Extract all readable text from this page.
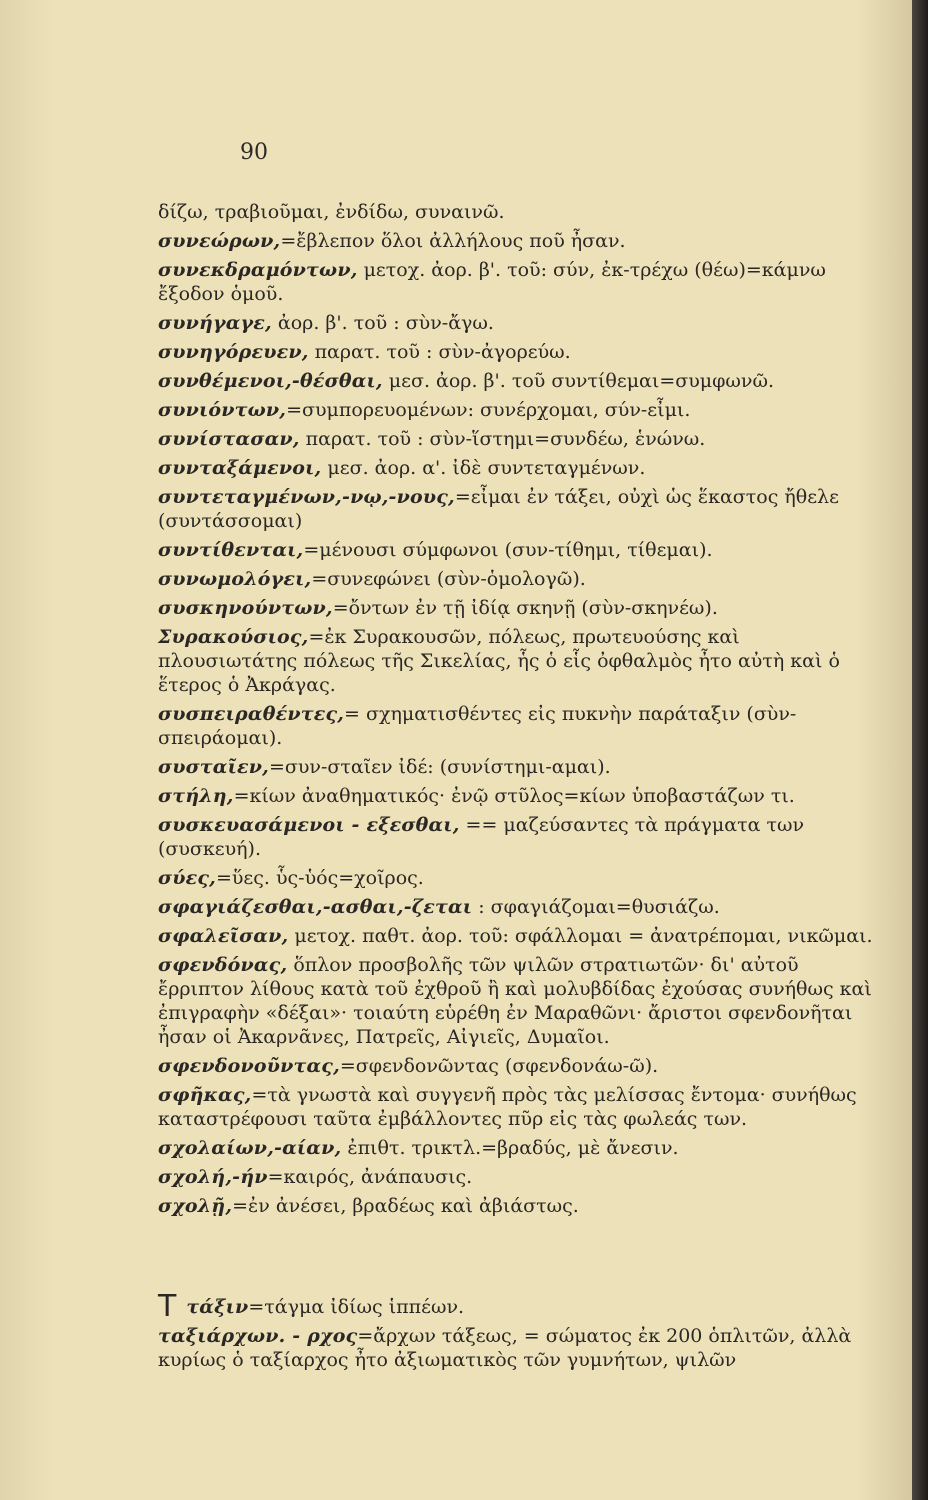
90
δίζω, τραβιοῦμαι, ἐνδίδω, συναινῶ.
συνεώρων,=ἔβλεπον ὅλοι ἀλλήλους ποῦ ἦσαν.
συνεκδραμόντων, μετοχ. ἀορ. β'. τοῦ: σύν, ἐκ-τρέχω (θέω)=κάμνω ἔξοδον ὁμοῦ.
συνήγαγε, ἀορ. β'. τοῦ : σὺν-ἄγω.
συνηγόρευεν, παρατ. τοῦ : σὺν-ἀγορεύω.
συνθέμενοι,-θέσθαι, μεσ. ἀορ. β'. τοῦ συντίθεμαι=συμφωνῶ.
συνιόντων,=συμπορευομένων: συνέρχομαι, σύν-εἶμι.
συνίστασαν, παρατ. τοῦ : σὺν-ἵστημι=συνδέω, ἑνώνω.
συνταξάμενοι, μεσ. ἀορ. α'. ἰδὲ συντεταγμένων.
συντεταγμένων,-νῳ,-νους,=εἶμαι ἐν τάξει, οὐχὶ ὡς ἕκαστος ἤθελε (συντάσσομαι)
συντίθενται,=μένουσι σύμφωνοι (συν-τίθημι, τίθεμαι).
συνωμολόγει,=συνεφώνει (σὺν-ὁμολογῶ).
συσκηνούντων,=ὄντων ἐν τῇ ἰδίᾳ σκηνῇ (σὺν-σκηνέω).
Συρακούσιος,=ἐκ Συρακουσῶν, πόλεως, πρωτευούσης καὶ πλουσιωτάτης πόλεως τῆς Σικελίας, ἧς ὁ εἷς ὀφθαλμὸς ἦτο αὐτὴ καὶ ὁ ἕτερος ὁ Ἀκράγας.
συσπειραθέντες,= σχηματισθέντες εἰς πυκνὴν παράταξιν (σὺν-σπειράομαι).
συσταῖεν,=συν-σταῖεν ἰδέ: (συνίστημι-αμαι).
στήλη,=κίων ἀναθηματικός· ἐνῷ στῦλος=κίων ὑποβαστάζων τι.
συσκευασάμενοι - εξεσθαι, == μαζεύσαντες τὰ πράγματα των (συσκευή).
σύες,=ὕες. ὗς-ὑός=χοῖρος.
σφαγιάζεσθαι,-ασθαι,-ζεται : σφαγιάζομαι=θυσιάζω.
σφαλεῖσαν, μετοχ. παθτ. ἀορ. τοῦ: σφάλλομαι = ἀνατρέπομαι, νικῶμαι.
σφενδόνας, ὅπλον προσβολῆς τῶν ψιλῶν στρατιωτῶν· δι' αὐτοῦ ἔρριπτον λίθους κατὰ τοῦ ἐχθροῦ ἢ καὶ μολυβδίδας ἐχούσας συνήθως καὶ ἐπιγραφὴν «δέξαι»· τοιαύτη εὑρέθη ἐν Μαραθῶνι· ἄριστοι σφενδονῆται ἦσαν οἱ Ἀκαρνᾶνες, Πατρεῖς, Αἰγιεῖς, Δυμαῖοι.
σφενδονοῦντας,=σφενδονῶντας (σφενδονάω-ῶ).
σφῆκας,=τὰ γνωστὰ καὶ συγγενῆ πρὸς τὰς μελίσσας ἔντομα· συνήθως καταστρέφουσι ταῦτα ἐμβάλλοντες πῦρ εἰς τὰς φωλεάς των.
σχολαίων,-αίαν, ἐπιθτ. τρικτλ.=βραδύς, μὲ ἄνεσιν.
σχολή,-ήν=καιρός, ἀνάπαυσις.
σχολῇ,=ἐν ἀνέσει, βραδέως καὶ ἀβιάστως.
Ττάξιν=τάγμα ἰδίως ἱππέων.
ταξιάρχων. - ρχος=ἄρχων τάξεως, = σώματος ἐκ 200 ὁπλιτῶν, ἀλλὰ κυρίως ὁ ταξίαρχος ἦτο ἀξιωματικὸς τῶν γυμνήτων, ψιλῶν
